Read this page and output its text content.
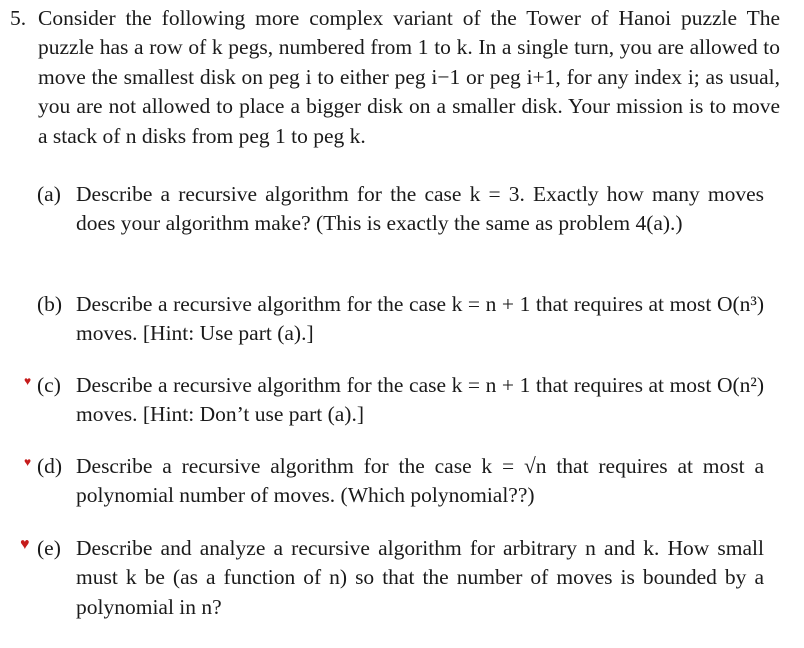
5. Consider the following more complex variant of the Tower of Hanoi puzzle The puzzle has a row of k pegs, numbered from 1 to k. In a single turn, you are allowed to move the smallest disk on peg i to either peg i−1 or peg i+1, for any index i; as usual, you are not allowed to place a bigger disk on a smaller disk. Your mission is to move a stack of n disks from peg 1 to peg k.
(a) Describe a recursive algorithm for the case k = 3. Exactly how many moves does your algorithm make? (This is exactly the same as problem 4(a).)
(b) Describe a recursive algorithm for the case k = n + 1 that requires at most O(n³) moves. [Hint: Use part (a).]
♥ (c) Describe a recursive algorithm for the case k = n + 1 that requires at most O(n²) moves. [Hint: Don’t use part (a).]
♥ (d) Describe a recursive algorithm for the case k = √n that requires at most a polynomial number of moves. (Which polynomial??)
♥ (e) Describe and analyze a recursive algorithm for arbitrary n and k. How small must k be (as a function of n) so that the number of moves is bounded by a polynomial in n?
